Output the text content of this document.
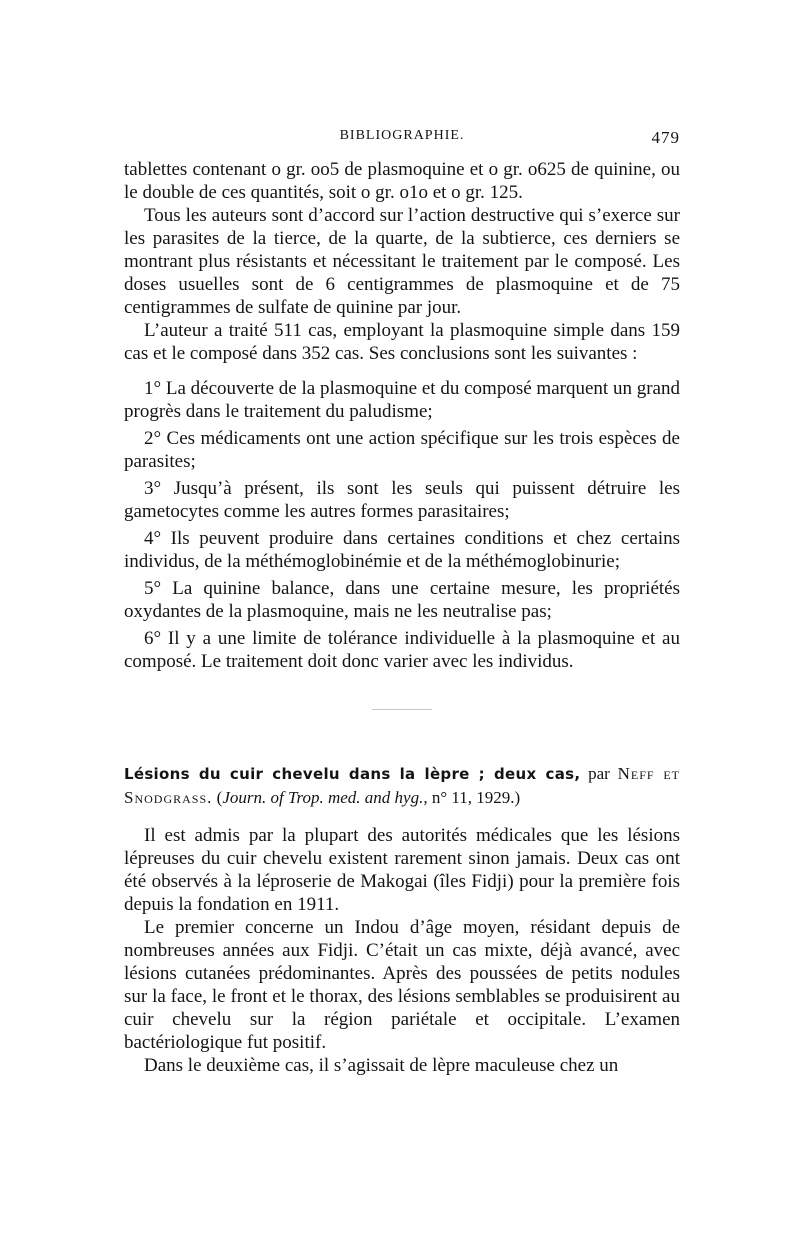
BIBLIOGRAPHIE.	479

tablettes contenant o gr. oo5 de plasmoquine et o gr. o625 de quinine, ou le double de ces quantités, soit o gr. o1o et o gr. 125.

Tous les auteurs sont d’accord sur l’action destructive qui s’exerce sur les parasites de la tierce, de la quarte, de la subtierce, ces derniers se montrant plus résistants et nécessitant le traitement par le composé. Les doses usuelles sont de 6 centigrammes de plasmoquine et de 75 centigrammes de sulfate de quinine par jour.

L’auteur a traité 511 cas, employant la plasmoquine simple dans 159 cas et le composé dans 352 cas. Ses conclusions sont les suivantes :

1° La découverte de la plasmoquine et du composé marquent un grand progrès dans le traitement du paludisme;

2° Ces médicaments ont une action spécifique sur les trois espèces de parasites;

3° Jusqu’à présent, ils sont les seuls qui puissent détruire les gametocytes comme les autres formes parasitaires;

4° Ils peuvent produire dans certaines conditions et chez certains individus, de la méthémoglobinémie et de la méthémoglobinurie;

5° La quinine balance, dans une certaine mesure, les propriétés oxydantes de la plasmoquine, mais ne les neutralise pas;

6° Il y a une limite de tolérance individuelle à la plasmoquine et au composé. Le traitement doit donc varier avec les individus.

Lésions du cuir chevelu dans la lèpre ; deux cas, par Neff et Snodgrass. (Journ. of Trop. med. and hyg., n° 11, 1929.)

Il est admis par la plupart des autorités médicales que les lésions lépreuses du cuir chevelu existent rarement sinon jamais. Deux cas ont été observés à la léproserie de Makogai (îles Fidji) pour la première fois depuis la fondation en 1911.

Le premier concerne un Indou d’âge moyen, résidant depuis de nombreuses années aux Fidji. C’était un cas mixte, déjà avancé, avec lésions cutanées prédominantes. Après des poussées de petits nodules sur la face, le front et le thorax, des lésions semblables se produisirent au cuir chevelu sur la région pariétale et occipitale. L’examen bactériologique fut positif.

Dans le deuxième cas, il s’agissait de lèpre maculeuse chez un
